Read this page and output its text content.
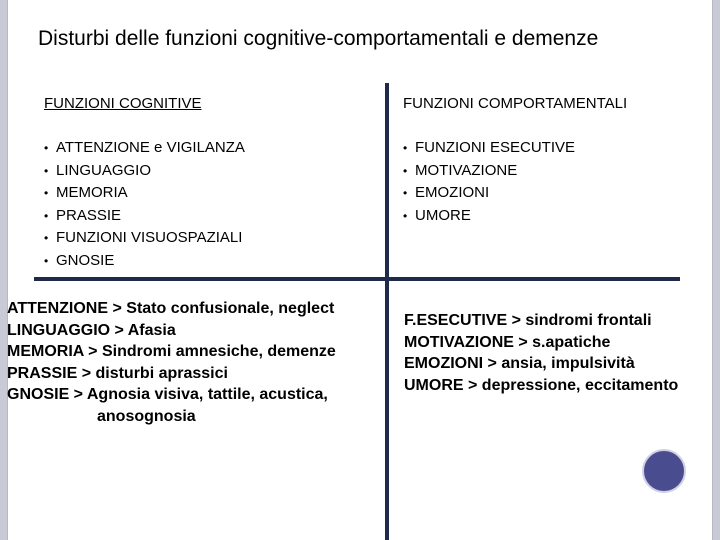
Disturbi delle funzioni cognitive-comportamentali e demenze
FUNZIONI COGNITIVE	FUNZIONI COMPORTAMENTALI
• ATTENZIONE e VIGILANZA
• LINGUAGGIO
• MEMORIA
• PRASSIE
• FUNZIONI VISUOSPAZIALI
• GNOSIE
• FUNZIONI ESECUTIVE
• MOTIVAZIONE
• EMOZIONI
• UMORE
ATTENZIONE > Stato confusionale, neglect
LINGUAGGIO > Afasia
MEMORIA > Sindromi amnesiche, demenze
PRASSIE > disturbi aprassici
GNOSIE > Agnosia visiva, tattile, acustica,
anosognosia
F.ESECUTIVE > sindromi frontali
MOTIVAZIONE > s.apatiche
EMOZIONI > ansia, impulsività
UMORE > depressione, eccitamento
